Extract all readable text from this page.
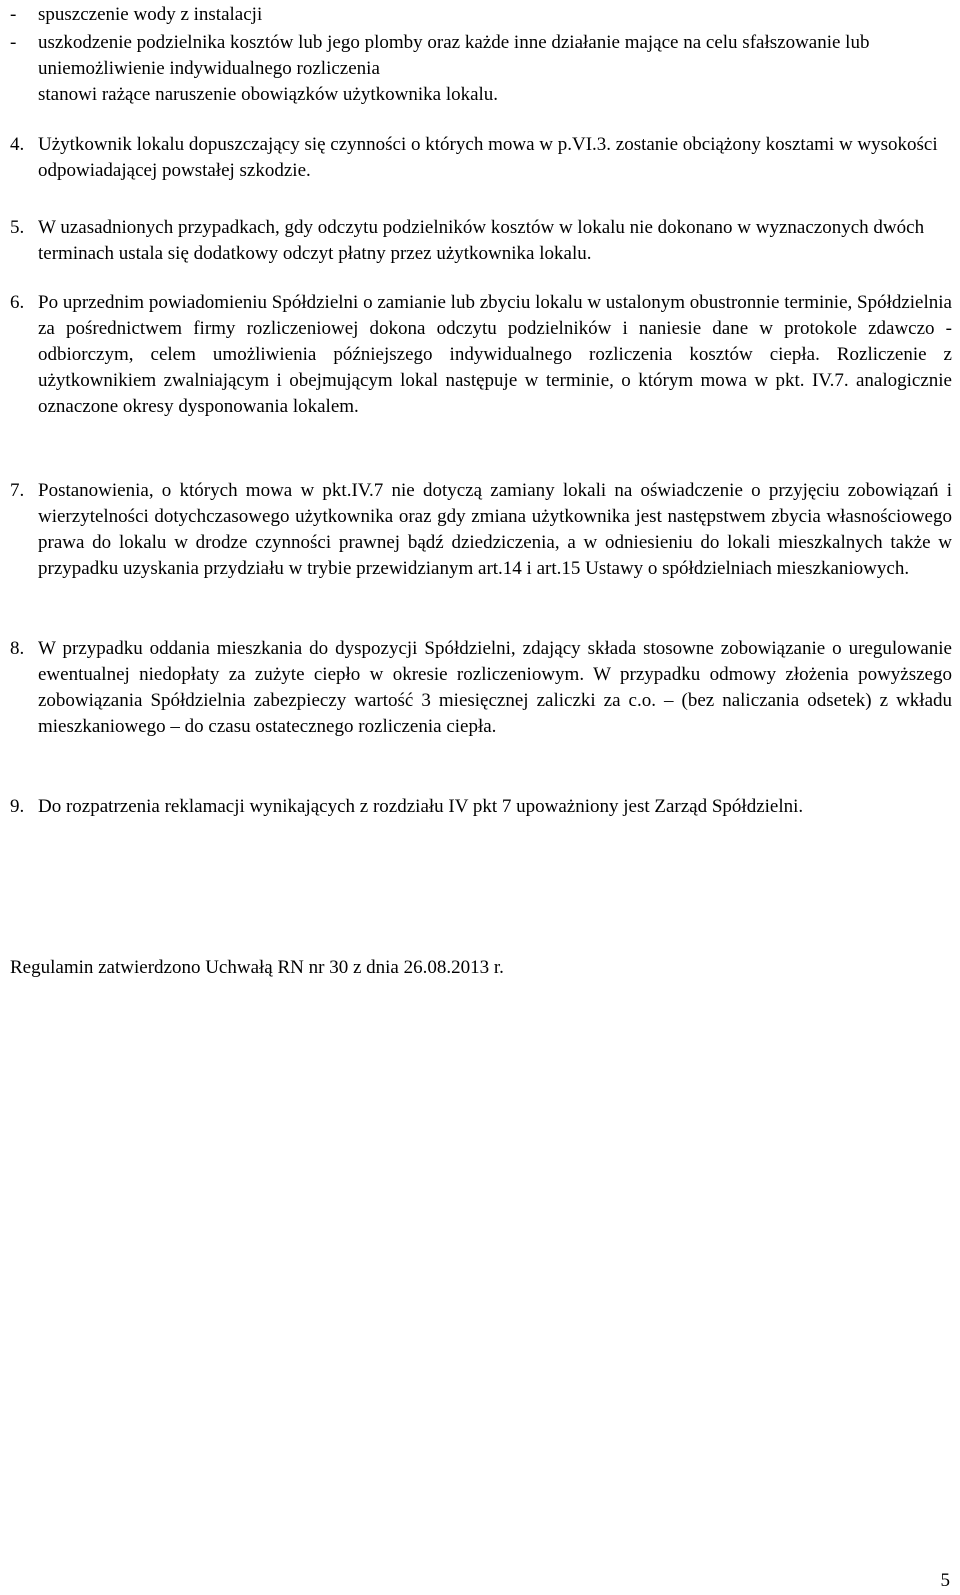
-	spuszczenie wody z instalacji
-	uszkodzenie podzielnika kosztów lub jego plomby oraz każde inne działanie mające na celu sfałszowanie lub uniemożliwienie indywidualnego rozliczenia
stanowi rażące naruszenie obowiązków użytkownika lokalu.
4. Użytkownik lokalu dopuszczający się czynności o których mowa w p.VI.3. zostanie obciążony kosztami w wysokości odpowiadającej powstałej szkodzie.
5. W uzasadnionych przypadkach, gdy odczytu podzielników kosztów w lokalu nie dokonano w wyznaczonych dwóch terminach ustala się dodatkowy odczyt płatny przez użytkownika lokalu.
6. Po uprzednim powiadomieniu Spółdzielni o zamianie lub zbyciu lokalu w ustalonym obustronnie terminie, Spółdzielnia za pośrednictwem firmy rozliczeniowej dokona odczytu podzielników i naniesie dane w protokole zdawczo - odbiorczym, celem umożliwienia późniejszego indywidualnego rozliczenia kosztów ciepła. Rozliczenie z użytkownikiem zwalniającym i obejmującym lokal następuje w terminie, o którym mowa w pkt. IV.7. analogicznie oznaczone okresy dysponowania lokalem.
7. Postanowienia, o których mowa w pkt.IV.7 nie dotyczą zamiany lokali na oświadczenie o przyjęciu zobowiązań i wierzytelności dotychczasowego użytkownika oraz gdy zmiana użytkownika jest następstwem zbycia własnościowego prawa do lokalu w drodze czynności prawnej bądź dziedziczenia, a w odniesieniu do lokali mieszkalnych także w przypadku uzyskania przydziału w trybie przewidzianym art.14 i art.15 Ustawy o spółdzielniach mieszkaniowych.
8. W przypadku oddania mieszkania do dyspozycji Spółdzielni, zdający składa stosowne zobowiązanie o uregulowanie ewentualnej niedopłaty za zużyte ciepło w okresie rozliczeniowym. W przypadku odmowy złożenia powyższego zobowiązania Spółdzielnia zabezpieczy wartość 3 miesięcznej zaliczki za c.o. – (bez naliczania odsetek) z wkładu mieszkaniowego – do czasu ostatecznego rozliczenia ciepła.
9. Do rozpatrzenia reklamacji wynikających z rozdziału IV pkt 7 upoważniony jest Zarząd Spółdzielni.
Regulamin zatwierdzono Uchwałą RN nr 30 z dnia 26.08.2013 r.
5
